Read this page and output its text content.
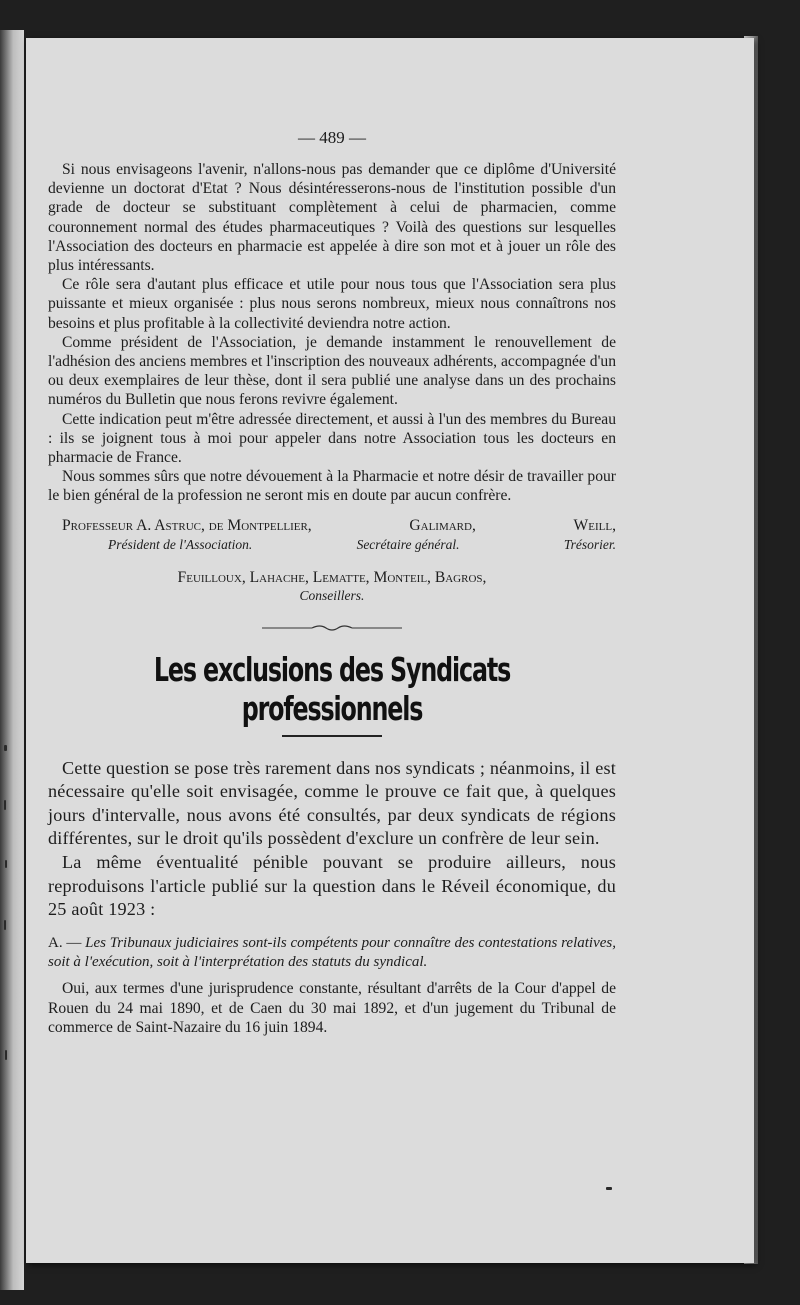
— 489 —

Si nous envisageons l'avenir, n'allons-nous pas demander que ce diplôme d'Université devienne un doctorat d'Etat ? Nous désintéresserons-nous de l'institution possible d'un grade de docteur se substituant complètement à celui de pharmacien, comme couronnement normal des études pharmaceutiques ? Voilà des questions sur lesquelles l'Association des docteurs en pharmacie est appelée à dire son mot et à jouer un rôle des plus intéressants.

Ce rôle sera d'autant plus efficace et utile pour nous tous que l'Association sera plus puissante et mieux organisée : plus nous serons nombreux, mieux nous connaîtrons nos besoins et plus profitable à la collectivité deviendra notre action.

Comme président de l'Association, je demande instamment le renouvellement de l'adhésion des anciens membres et l'inscription des nouveaux adhérents, accompagnée d'un ou deux exemplaires de leur thèse, dont il sera publié une analyse dans un des prochains numéros du Bulletin que nous ferons revivre également.

Cette indication peut m'être adressée directement, et aussi à l'un des membres du Bureau : ils se joignent tous à moi pour appeler dans notre Association tous les docteurs en pharmacie de France.

Nous sommes sûrs que notre dévouement à la Pharmacie et notre désir de travailler pour le bien général de la profession ne seront mis en doute par aucun confrère.

Professeur A. Astruc, de Montpellier,	Galimard,	Weill,
Président de l'Association.	Secrétaire général.	Trésorier.
Feuilloux, Lahache, Lematte, Monteil, Bagros,
Conseillers.
Les exclusions des Syndicats professionnels

Cette question se pose très rarement dans nos syndicats ; néanmoins, il est nécessaire qu'elle soit envisagée, comme le prouve ce fait que, à quelques jours d'intervalle, nous avons été consultés, par deux syndicats de régions différentes, sur le droit qu'ils possèdent d'exclure un confrère de leur sein.

La même éventualité pénible pouvant se produire ailleurs, nous reproduisons l'article publié sur la question dans le Réveil économique, du 25 août 1923 :

A. — Les Tribunaux judiciaires sont-ils compétents pour connaître des contestations relatives, soit à l'exécution, soit à l'interprétation des statuts du syndical.

Oui, aux termes d'une jurisprudence constante, résultant d'arrêts de la Cour d'appel de Rouen du 24 mai 1890, et de Caen du 30 mai 1892, et d'un jugement du Tribunal de commerce de Saint-Nazaire du 16 juin 1894.
